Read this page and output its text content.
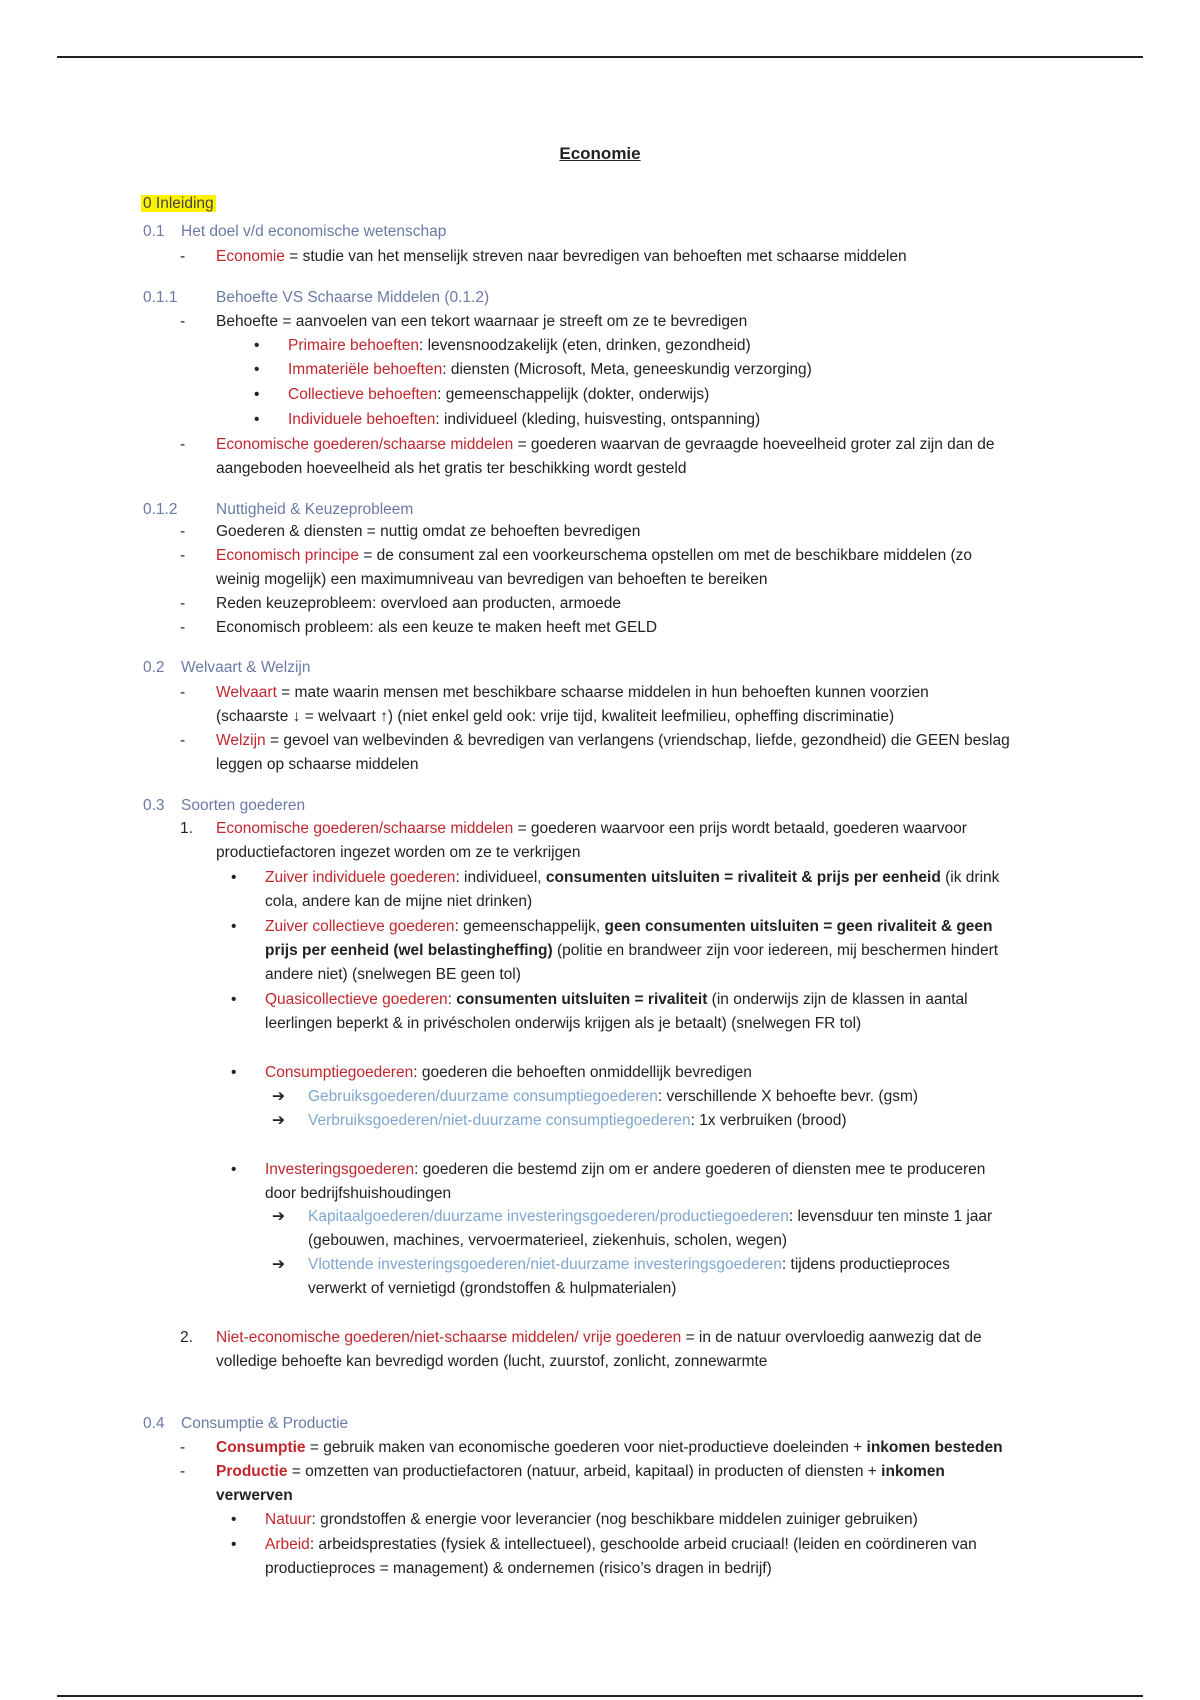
Economie
0 Inleiding
0.1 Het doel v/d economische wetenschap
- Economie = studie van het menselijk streven naar bevredigen van behoeften met schaarse middelen
0.1.1 Behoefte VS Schaarse Middelen (0.1.2)
- Behoefte = aanvoelen van een tekort waarnaar je streeft om ze te bevredigen
• Primaire behoeften: levensnoodzakelijk (eten, drinken, gezondheid)
• Immateriële behoeften: diensten (Microsoft, Meta, geneeskundig verzorging)
• Collectieve behoeften: gemeenschappelijk (dokter, onderwijs)
• Individuele behoeften: individueel (kleding, huisvesting, ontspanning)
- Economische goederen/schaarse middelen = goederen waarvan de gevraagde hoeveelheid groter zal zijn dan de
aangeboden hoeveelheid als het gratis ter beschikking wordt gesteld
0.1.2 Nuttigheid & Keuzeprobleem
- Goederen & diensten = nuttig omdat ze behoeften bevredigen
- Economisch principe = de consument zal een voorkeurschema opstellen om met de beschikbare middelen (zo
weinig mogelijk) een maximumniveau van bevredigen van behoeften te bereiken
- Reden keuzeprobleem: overvloed aan producten, armoede
- Economisch probleem: als een keuze te maken heeft met GELD
0.2 Welvaart & Welzijn
- Welvaart = mate waarin mensen met beschikbare schaarse middelen in hun behoeften kunnen voorzien
(schaarste ↓ = welvaart ↑) (niet enkel geld ook: vrije tijd, kwaliteit leefmilieu, opheffing discriminatie)
- Welzijn = gevoel van welbevinden & bevredigen van verlangens (vriendschap, liefde, gezondheid) die GEEN beslag
leggen op schaarse middelen
0.3 Soorten goederen
1. Economische goederen/schaarse middelen = goederen waarvoor een prijs wordt betaald, goederen waarvoor
productiefactoren ingezet worden om ze te verkrijgen
• Zuiver individuele goederen: individueel, consumenten uitsluiten = rivaliteit & prijs per eenheid (ik drink
cola, andere kan de mijne niet drinken)
• Zuiver collectieve goederen: gemeenschappelijk, geen consumenten uitsluiten = geen rivaliteit & geen
prijs per eenheid (wel belastingheffing) (politie en brandweer zijn voor iedereen, mij beschermen hindert
andere niet) (snelwegen BE geen tol)
• Quasicollectieve goederen: consumenten uitsluiten = rivaliteit (in onderwijs zijn de klassen in aantal
leerlingen beperkt & in privéscholen onderwijs krijgen als je betaalt) (snelwegen FR tol)
• Consumptiegoederen: goederen die behoeften onmiddellijk bevredigen
➔ Gebruiksgoederen/duurzame consumptiegoederen: verschillende X behoefte bevr. (gsm)
➔ Verbruiksgoederen/niet-duurzame consumptiegoederen: 1x verbruiken (brood)
• Investeringsgoederen: goederen die bestemd zijn om er andere goederen of diensten mee te produceren
door bedrijfshuishoudingen
➔ Kapitaalgoederen/duurzame investeringsgoederen/productiegoederen: levensduur ten minste 1 jaar
(gebouwen, machines, vervoermaterieel, ziekenhuis, scholen, wegen)
➔ Vlottende investeringsgoederen/niet-duurzame investeringsgoederen: tijdens productieproces
verwerkt of vernietigd (grondstoffen & hulpmaterialen)
2. Niet-economische goederen/niet-schaarse middelen/ vrije goederen = in de natuur overvloedig aanwezig dat de
volledige behoefte kan bevredigd worden (lucht, zuurstof, zonlicht, zonnewarmte
0.4 Consumptie & Productie
- Consumptie = gebruik maken van economische goederen voor niet-productieve doeleinden + inkomen besteden
- Productie = omzetten van productiefactoren (natuur, arbeid, kapitaal) in producten of diensten + inkomen
verwerven
• Natuur: grondstoffen & energie voor leverancier (nog beschikbare middelen zuiniger gebruiken)
• Arbeid: arbeidsprestaties (fysiek & intellectueel), geschoolde arbeid cruciaal! (leiden en coördineren van
productieproces = management) & ondernemen (risico’s dragen in bedrijf)
